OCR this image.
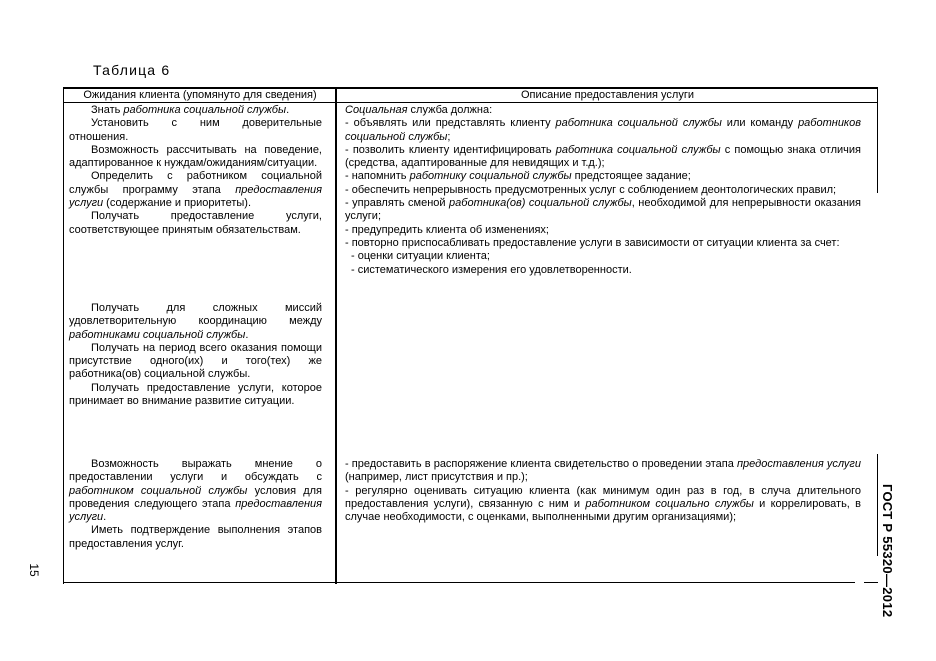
Таблица 6
Ожидания клиента (упомянуто для сведения)	Описание предоставления услуги

Знать работника социальной службы.

Установить с ним доверительные отношения.

Возможность рассчитывать на поведение, адаптированное к нуждам/ожиданиям/ситуации.

Определить с работником социальной службы программу этапа предоставления услуги (содержание и приоритеты).

Получать предоставление услуги, соответствующее принятым обязательствам.

Получать для сложных миссий удовлетворительную координацию между работниками социальной службы.

Получать на период всего оказания помощи присутствие одного(их) и того(тех) же работника(ов) социальной службы.

Получать предоставление услуги, которое принимает во внимание развитие ситуации.

Возможность выражать мнение о предоставлении услуги и обсуждать с работником социальной службы условия для проведения следующего этапа предоставления услуги.

Иметь подтверждение выполнения этапов предоставления услуг.

Социальная служба должна:

- объявлять или представлять клиенту работника социальной службы или команду работников социальной службы;

- позволить клиенту идентифицировать работника социальной службы с помощью знака отличия (средства, адаптированные для невидящих и т.д.);

- напомнить работнику социальной службы предстоящее задание;

- обеспечить непрерывность предусмотренных услуг с соблюдением деонтологических правил;

- управлять сменой работника(ов) социальной службы, необходимой для непрерывности оказания услуги;

- предупредить клиента об изменениях;

- повторно приспосабливать предоставление услуги в зависимости от ситуации клиента за счет:

- оценки ситуации клиента;

- систематического измерения его удовлетворенности.

- предоставить в распоряжение клиента свидетельство о проведении этапа предоставления услуги (например, лист присутствия и пр.);

- регулярно оценивать ситуацию клиента (как минимум один раз в год, в случа длительного предоставления услуги), связанную с ним и работником социально службы и коррелировать, в случае необходимости, с оценками, выполненными другим организациями);

15	ГОСТ Р 55320—2012
